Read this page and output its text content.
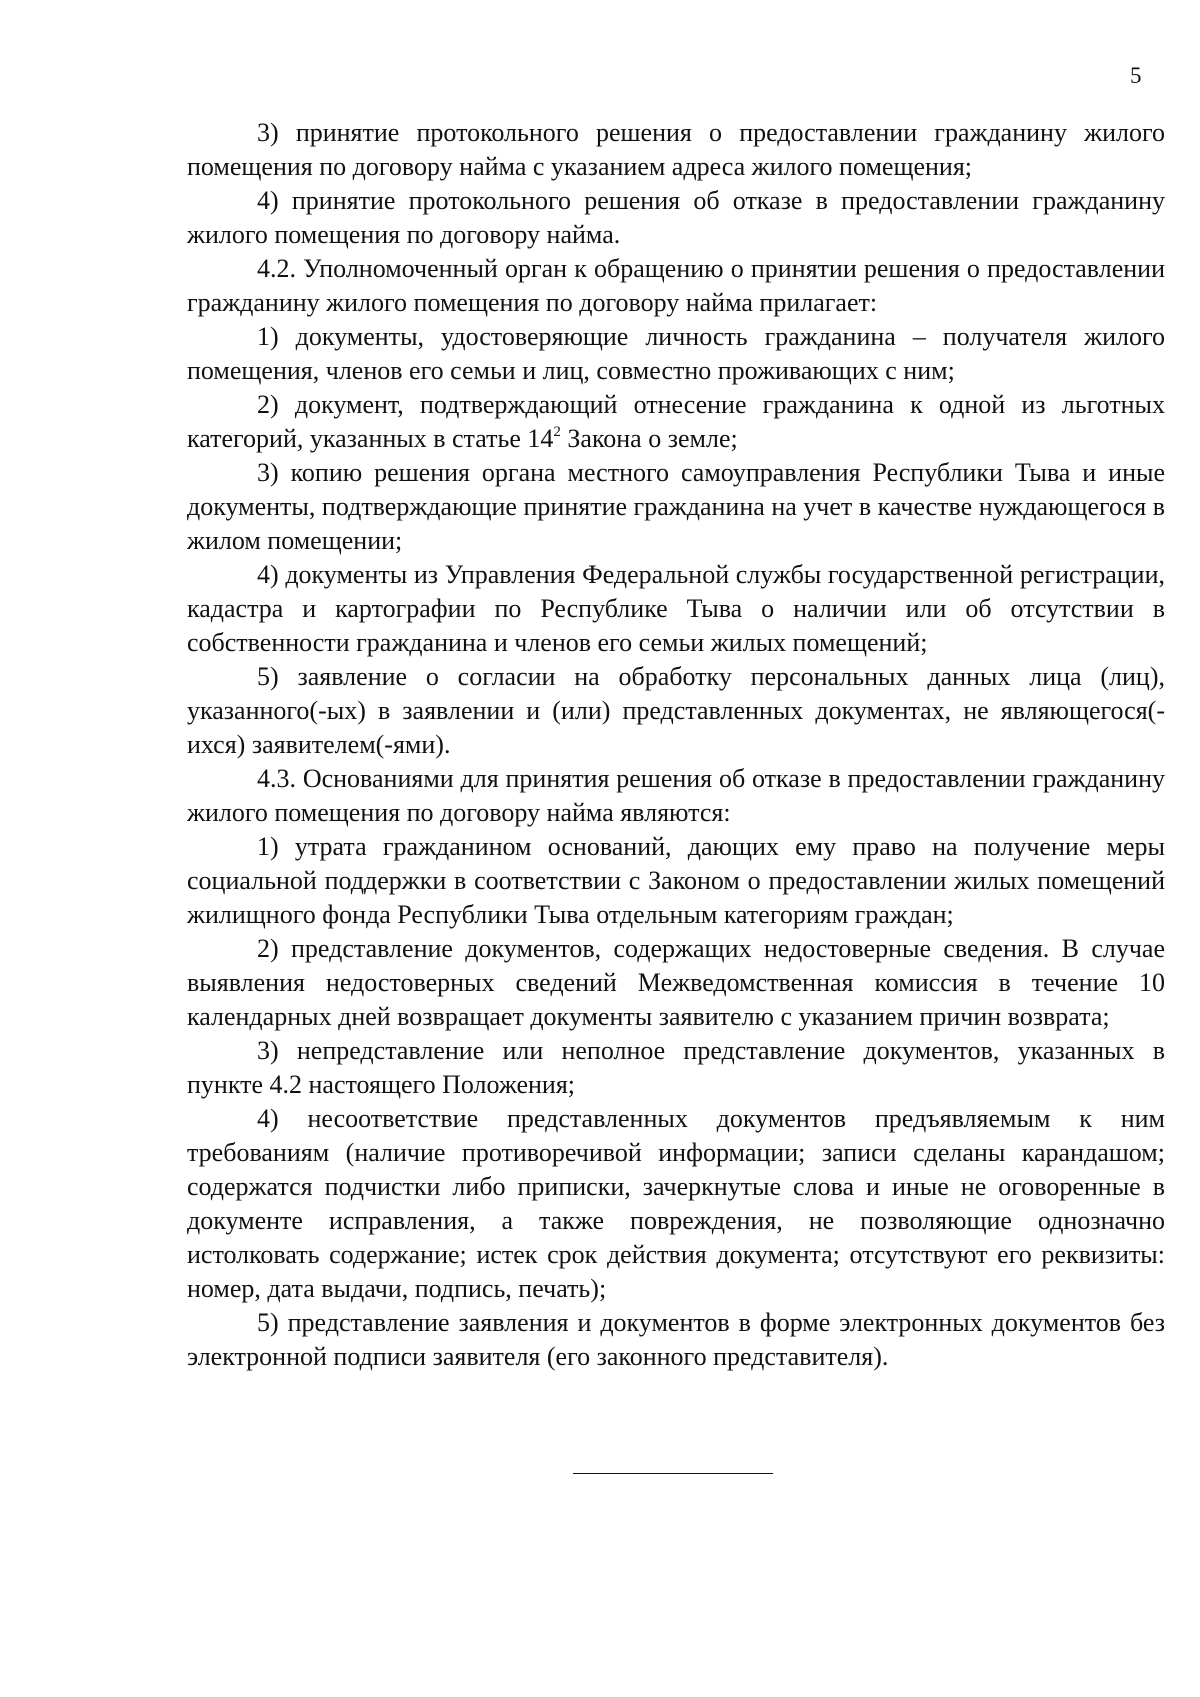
5

3) принятие протокольного решения о предоставлении гражданину жилого помещения по договору найма с указанием адреса жилого помещения;

4) принятие протокольного решения об отказе в предоставлении гражданину жилого помещения по договору найма.

4.2. Уполномоченный орган к обращению о принятии решения о предоставлении гражданину жилого помещения по договору найма прилагает:

1) документы, удостоверяющие личность гражданина – получателя жилого помещения, членов его семьи и лиц, совместно проживающих с ним;

2) документ, подтверждающий отнесение гражданина к одной из льготных категорий, указанных в статье $14^2$ Закона о земле;

3) копию решения органа местного самоуправления Республики Тыва и иные документы, подтверждающие принятие гражданина на учет в качестве нуждающегося в жилом помещении;

4) документы из Управления Федеральной службы государственной регистрации, кадастра и картографии по Республике Тыва о наличии или об отсутствии в собственности гражданина и членов его семьи жилых помещений;

5) заявление о согласии на обработку персональных данных лица (лиц), указанного(-ых) в заявлении и (или) представленных документах, не являющегося(-ихся) заявителем(-ями).

4.3. Основаниями для принятия решения об отказе в предоставлении гражданину жилого помещения по договору найма являются:

1) утрата гражданином оснований, дающих ему право на получение меры социальной поддержки в соответствии с Законом о предоставлении жилых помещений жилищного фонда Республики Тыва отдельным категориям граждан;

2) представление документов, содержащих недостоверные сведения. В случае выявления недостоверных сведений Межведомственная комиссия в течение 10 календарных дней возвращает документы заявителю с указанием причин возврата;

3) непредставление или неполное представление документов, указанных в пункте 4.2 настоящего Положения;

4) несоответствие представленных документов предъявляемым к ним требованиям (наличие противоречивой информации; записи сделаны карандашом; содержатся подчистки либо приписки, зачеркнутые слова и иные не оговоренные в документе исправления, а также повреждения, не позволяющие однозначно истолковать содержание; истек срок действия документа; отсутствуют его реквизиты: номер, дата выдачи, подпись, печать);

5) представление заявления и документов в форме электронных документов без электронной подписи заявителя (его законного представителя).
